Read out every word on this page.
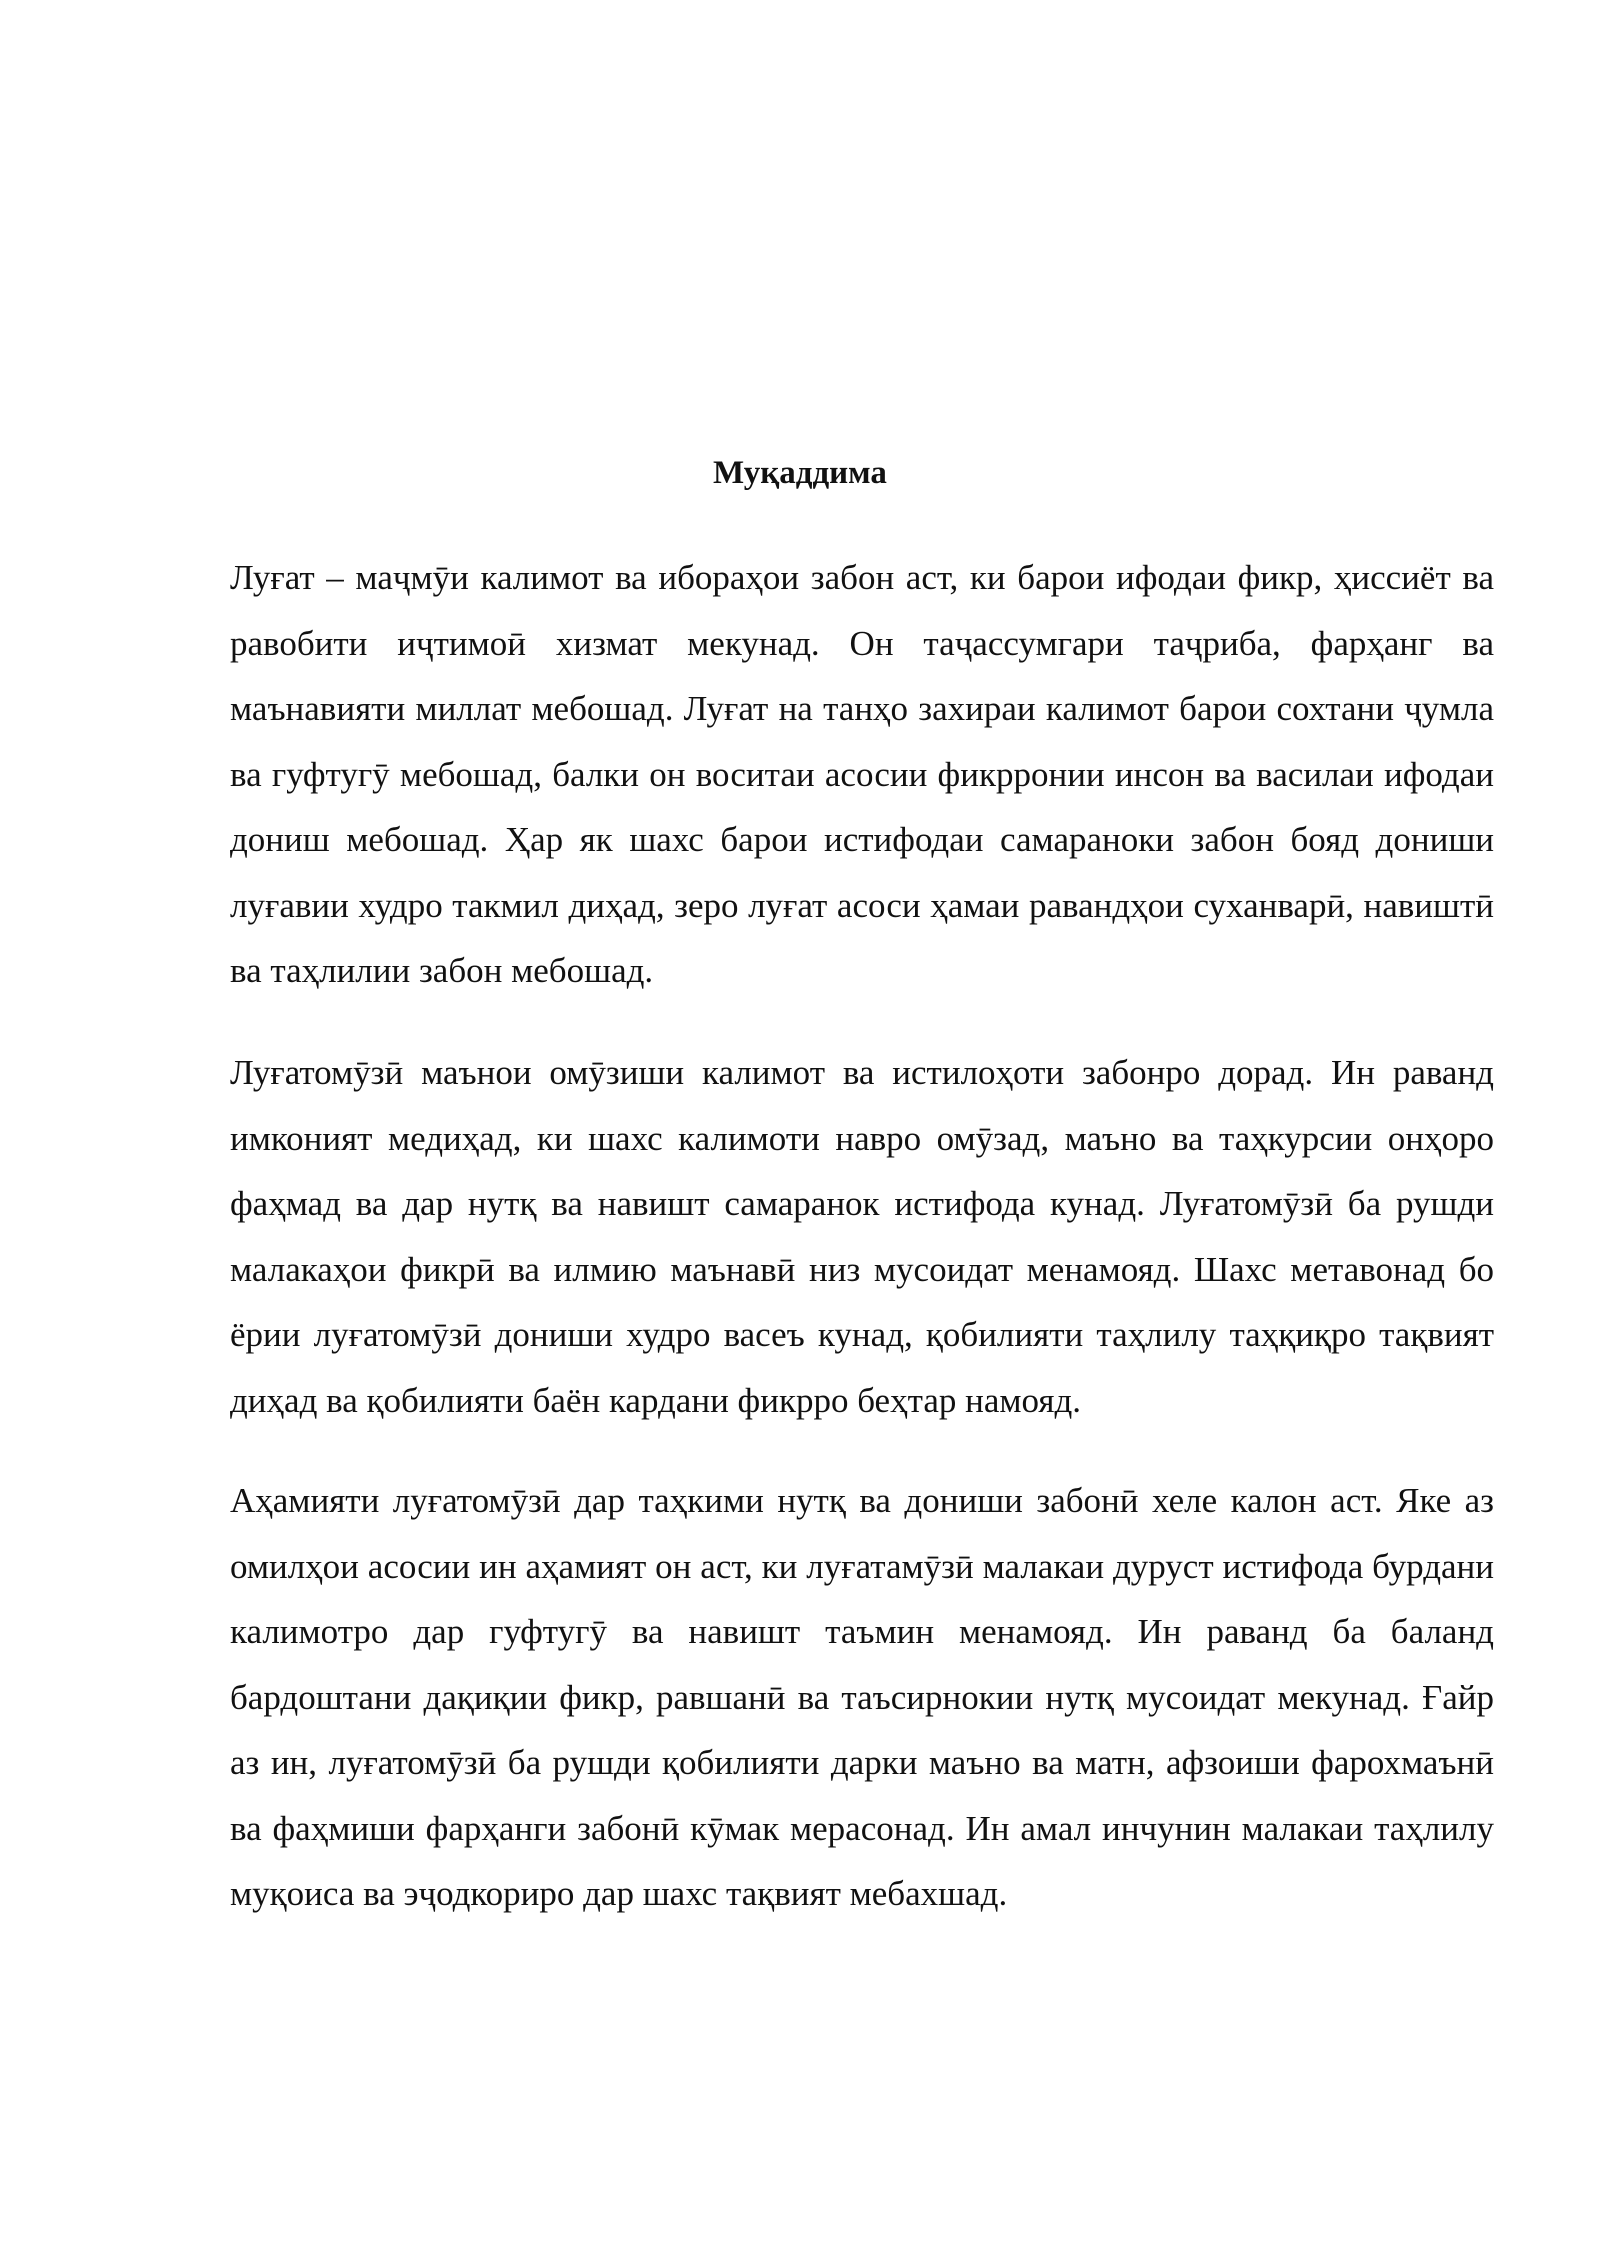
Муқаддима

Луғат – маҷмӯи калимот ва ибораҳои забон аст, ки барои ифодаи фикр, ҳиссиёт ва равобити иҷтимоӣ хизмат мекунад. Он таҷассумгари таҷриба, фарҳанг ва маънавияти миллат мебошад. Луғат на танҳо захираи калимот барои сохтани ҷумла ва гуфтугӯ мебошад, балки он воситаи асосии фикрронии инсон ва василаи ифодаи дониш мебошад. Ҳар як шахс барои истифодаи самараноки забон бояд дониши луғавии худро такмил диҳад, зеро луғат асоси ҳамаи равандҳои суханварӣ, навиштӣ ва таҳлилии забон мебошад.

Луғатомӯзӣ маънои омӯзиши калимот ва истилоҳоти забонро дорад. Ин раванд имконият медиҳад, ки шахс калимоти навро омӯзад, маъно ва таҳкурсии онҳоро фаҳмад ва дар нутқ ва навишт самаранок истифода кунад. Луғатомӯзӣ ба рушди малакаҳои фикрӣ ва илмию маънавӣ низ мусоидат менамояд. Шахс метавонад бо ёрии луғатомӯзӣ дониши худро васеъ кунад, қобилияти таҳлилу таҳқиқро тақвият диҳад ва қобилияти баён кардани фикрро беҳтар намояд.

Аҳамияти луғатомӯзӣ дар таҳкими нутқ ва дониши забонӣ хеле калон аст. Яке аз омилҳои асосии ин аҳамият он аст, ки луғатамӯзӣ малакаи дуруст истифода бурдани калимотро дар гуфтугӯ ва навишт таъмин менамояд. Ин раванд ба баланд бардоштани дақиқии фикр, равшанӣ ва таъсирнокии нутқ мусоидат мекунад. Ғайр аз ин, луғатомӯзӣ ба рушди қобилияти дарки маъно ва матн, афзоиши фарохмаънӣ ва фаҳмиши фарҳанги забонӣ кӯмак мерасонад. Ин амал инчунин малакаи таҳлилу муқоиса ва эҷодкориро дар шахс тақвият мебахшад.
